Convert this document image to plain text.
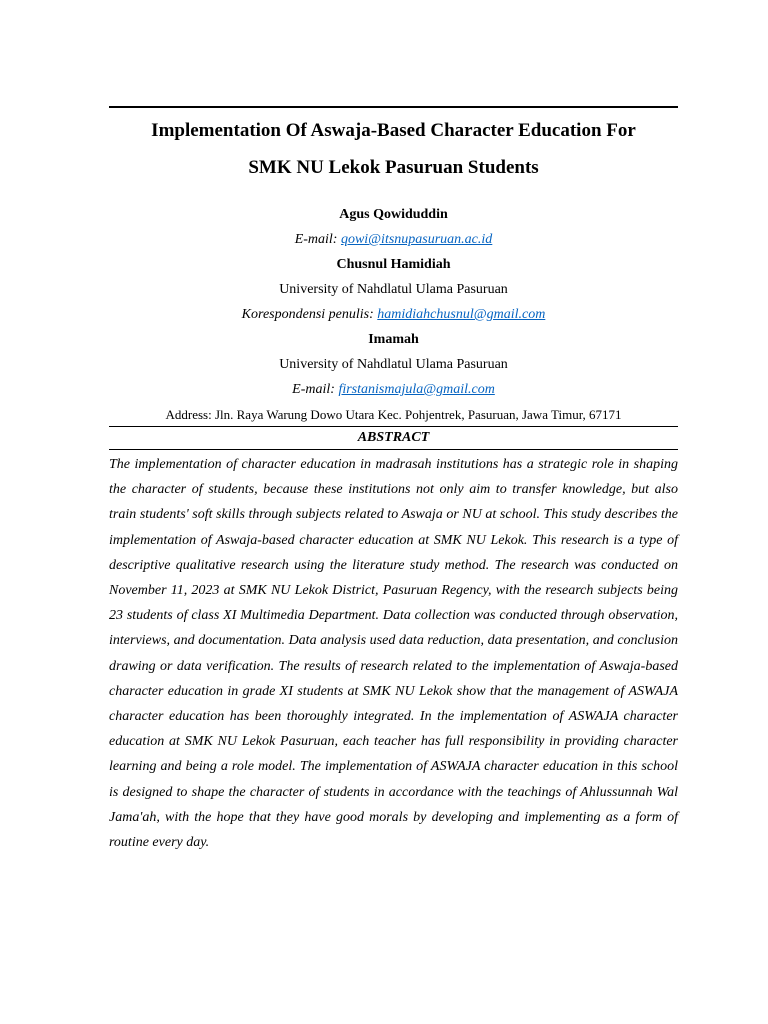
Implementation Of Aswaja-Based Character Education For
SMK NU Lekok Pasuruan Students
Agus Qowiduddin
E-mail: qowi@itsnupasuruan.ac.id
Chusnul Hamidiah
University of Nahdlatul Ulama Pasuruan
Korespondensi penulis: hamidiahchusnul@gmail.com
Imamah
University of Nahdlatul Ulama Pasuruan
E-mail: firstanismajula@gmail.com
Address: Jln. Raya Warung Dowo Utara Kec. Pohjentrek, Pasuruan, Jawa Timur, 67171
ABSTRACT
The implementation of character education in madrasah institutions has a strategic role in shaping the character of students, because these institutions not only aim to transfer knowledge, but also train students' soft skills through subjects related to Aswaja or NU at school. This study describes the implementation of Aswaja-based character education at SMK NU Lekok. This research is a type of descriptive qualitative research using the literature study method. The research was conducted on November 11, 2023 at SMK NU Lekok District, Pasuruan Regency, with the research subjects being 23 students of class XI Multimedia Department. Data collection was conducted through observation, interviews, and documentation. Data analysis used data reduction, data presentation, and conclusion drawing or data verification. The results of research related to the implementation of Aswaja-based character education in grade XI students at SMK NU Lekok show that the management of ASWAJA character education has been thoroughly integrated. In the implementation of ASWAJA character education at SMK NU Lekok Pasuruan, each teacher has full responsibility in providing character learning and being a role model. The implementation of ASWAJA character education in this school is designed to shape the character of students in accordance with the teachings of Ahlussunnah Wal Jama'ah, with the hope that they have good morals by developing and implementing as a form of routine every day.
